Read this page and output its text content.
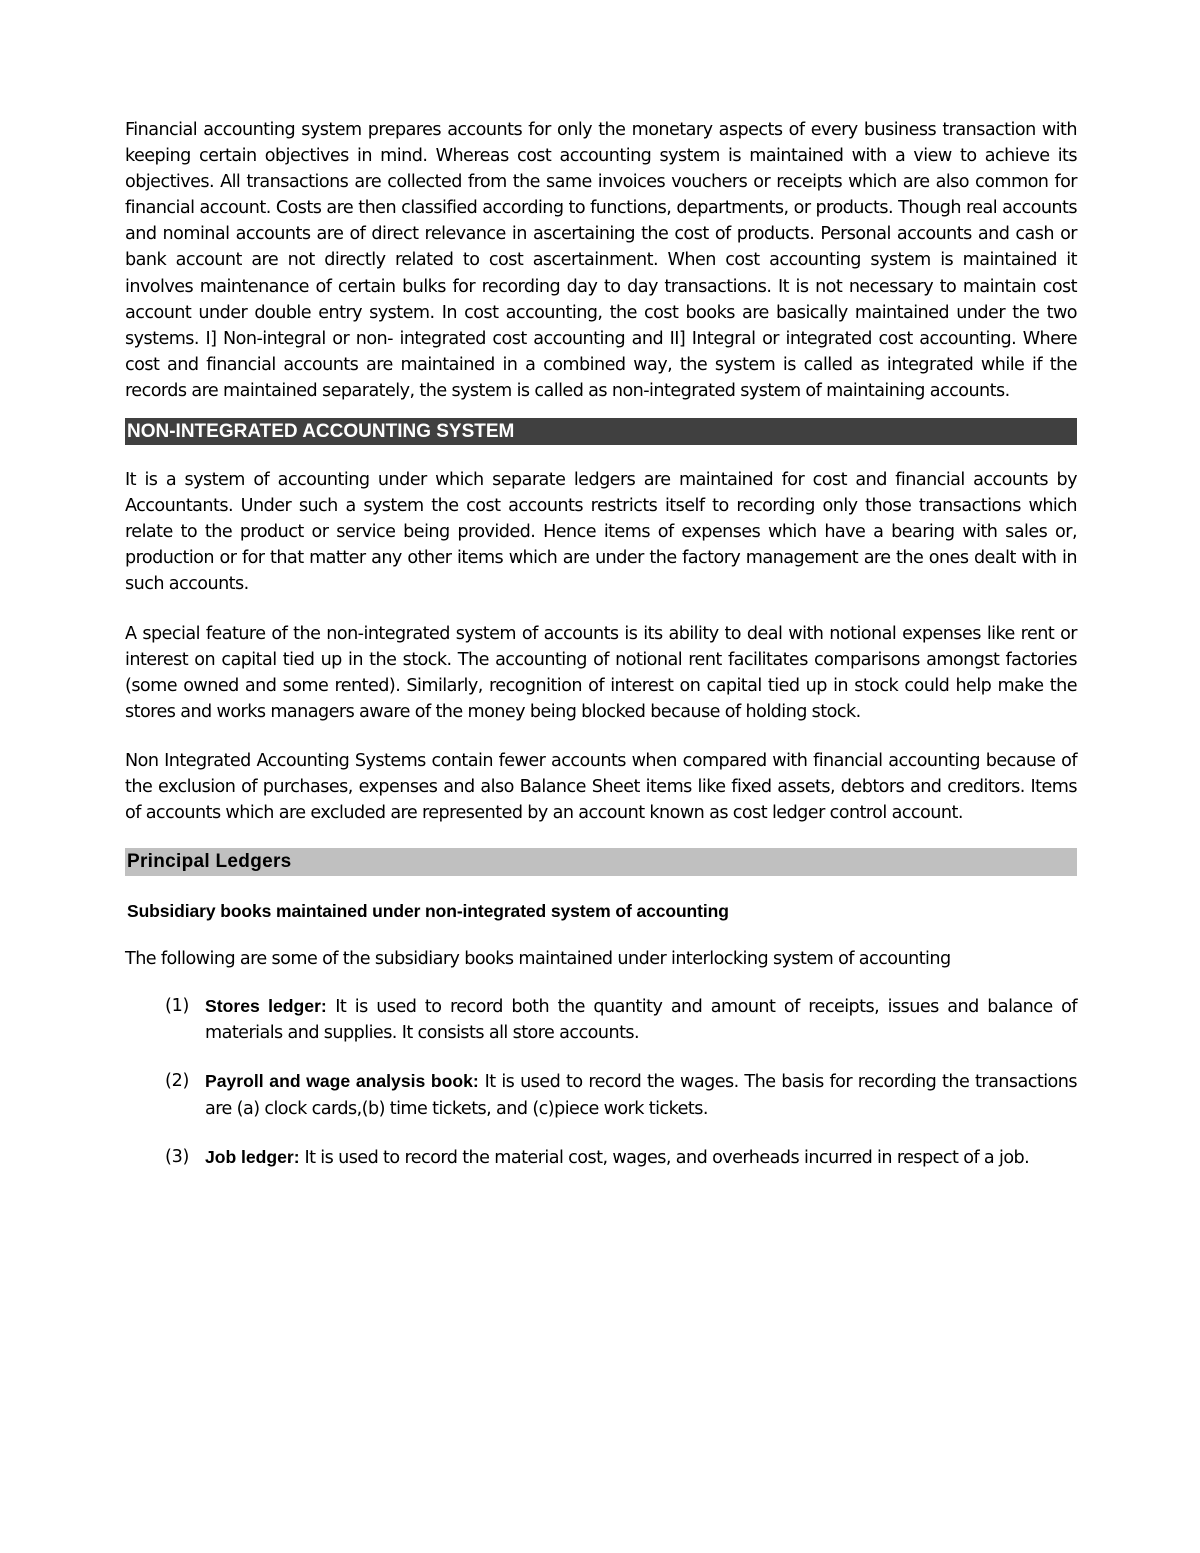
Financial accounting system prepares accounts for only the monetary aspects of every business transaction with keeping certain objectives in mind. Whereas cost accounting system is maintained with a view to achieve its objectives. All transactions are collected from the same invoices vouchers or receipts which are also common for financial account. Costs are then classified according to functions, departments, or products. Though real accounts and nominal accounts are of direct relevance in ascertaining the cost of products. Personal accounts and cash or bank account are not directly related to cost ascertainment. When cost accounting system is maintained it involves maintenance of certain bulks for recording day to day transactions. It is not necessary to maintain cost account under double entry system. In cost accounting, the cost books are basically maintained under the two systems. I] Non-integral or non- integrated cost accounting and II] Integral or integrated cost accounting. Where cost and financial accounts are maintained in a combined way, the system is called as integrated while if the records are maintained separately, the system is called as non-integrated system of maintaining accounts.

NON-INTEGRATED ACCOUNTING SYSTEM

It is a system of accounting under which separate ledgers are maintained for cost and financial accounts by Accountants. Under such a system the cost accounts restricts itself to recording only those transactions which relate to the product or service being provided. Hence items of expenses which have a bearing with sales or, production or for that matter any other items which are under the factory management are the ones dealt with in such accounts.

A special feature of the non-integrated system of accounts is its ability to deal with notional expenses like rent or interest on capital tied up in the stock. The accounting of notional rent facilitates comparisons amongst factories (some owned and some rented). Similarly, recognition of interest on capital tied up in stock could help make the stores and works managers aware of the money being blocked because of holding stock.

Non Integrated Accounting Systems contain fewer accounts when compared with financial accounting because of the exclusion of purchases, expenses and also Balance Sheet items like fixed assets, debtors and creditors. Items of accounts which are excluded are represented by an account known as cost ledger control account.

Principal Ledgers
Subsidiary books maintained under non-integrated system of accounting

The following are some of the subsidiary books maintained under interlocking system of accounting

(1) Stores ledger: It is used to record both the quantity and amount of receipts, issues and balance of materials and supplies. It consists all store accounts.

(2) Payroll and wage analysis book: It is used to record the wages. The basis for recording the transactions are (a) clock cards,(b) time tickets, and (c)piece work tickets.

(3) Job ledger: It is used to record the material cost, wages, and overheads incurred in respect of a job.
